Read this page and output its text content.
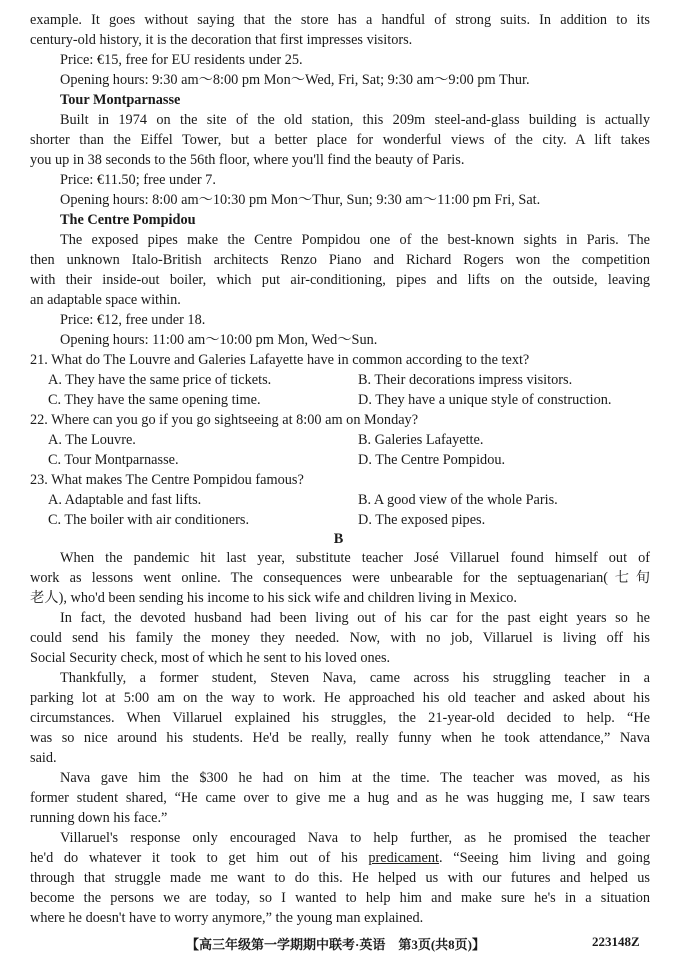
example. It goes without saying that the store has a handful of strong suits. In addition to its
century-old history, it is the decoration that first impresses visitors.
Price: €15, free for EU residents under 25.
Opening hours: 9:30 am～8:00 pm Mon～Wed, Fri, Sat; 9:30 am～9:00 pm Thur.
Tour Montparnasse
Built in 1974 on the site of the old station, this 209m steel-and-glass building is actually
shorter than the Eiffel Tower, but a better place for wonderful views of the city. A lift takes
you up in 38 seconds to the 56th floor, where you'll find the beauty of Paris.
Price: €11.50; free under 7.
Opening hours: 8:00 am～10:30 pm Mon～Thur, Sun; 9:30 am～11:00 pm Fri, Sat.
The Centre Pompidou
The exposed pipes make the Centre Pompidou one of the best-known sights in Paris. The
then unknown Italo-British architects Renzo Piano and Richard Rogers won the competition
with their inside-out boiler, which put air-conditioning, pipes and lifts on the outside, leaving
an adaptable space within.
Price: €12, free under 18.
Opening hours: 11:00 am～10:00 pm Mon, Wed～Sun.
21. What do The Louvre and Galeries Lafayette have in common according to the text?
A. They have the same price of tickets.	B. Their decorations impress visitors.
C. They have the same opening time.	D. They have a unique style of construction.
22. Where can you go if you go sightseeing at 8:00 am on Monday?
A. The Louvre.	B. Galeries Lafayette.
C. Tour Montparnasse.	D. The Centre Pompidou.
23. What makes The Centre Pompidou famous?
A. Adaptable and fast lifts.	B. A good view of the whole Paris.
C. The boiler with air conditioners.	D. The exposed pipes.
B
When the pandemic hit last year, substitute teacher José Villaruel found himself out of
work as lessons went online. The consequences were unbearable for the septuagenarian(七旬
老人), who'd been sending his income to his sick wife and children living in Mexico.
In fact, the devoted husband had been living out of his car for the past eight years so he
could send his family the money they needed. Now, with no job, Villaruel is living off his
Social Security check, most of which he sent to his loved ones.
Thankfully, a former student, Steven Nava, came across his struggling teacher in a
parking lot at 5:00 am on the way to work. He approached his old teacher and asked about his
circumstances. When Villaruel explained his struggles, the 21-year-old decided to help. “He
was so nice around his students. He'd be really, really funny when he took attendance,” Nava
said.
Nava gave him the $300 he had on him at the time. The teacher was moved, as his
former student shared, “He came over to give me a hug and as he was hugging me, I saw tears
running down his face.”
Villaruel's response only encouraged Nava to help further, as he promised the teacher
he'd do whatever it took to get him out of his predicament. “Seeing him living and going
through that struggle made me want to do this. He helped us with our futures and helped us
become the persons we are today, so I wanted to help him and make sure he's in a situation
where he doesn't have to worry anymore,” the young man explained.
【高三年级第一学期期中联考·英语　第3页(共8页)】	223148Z
